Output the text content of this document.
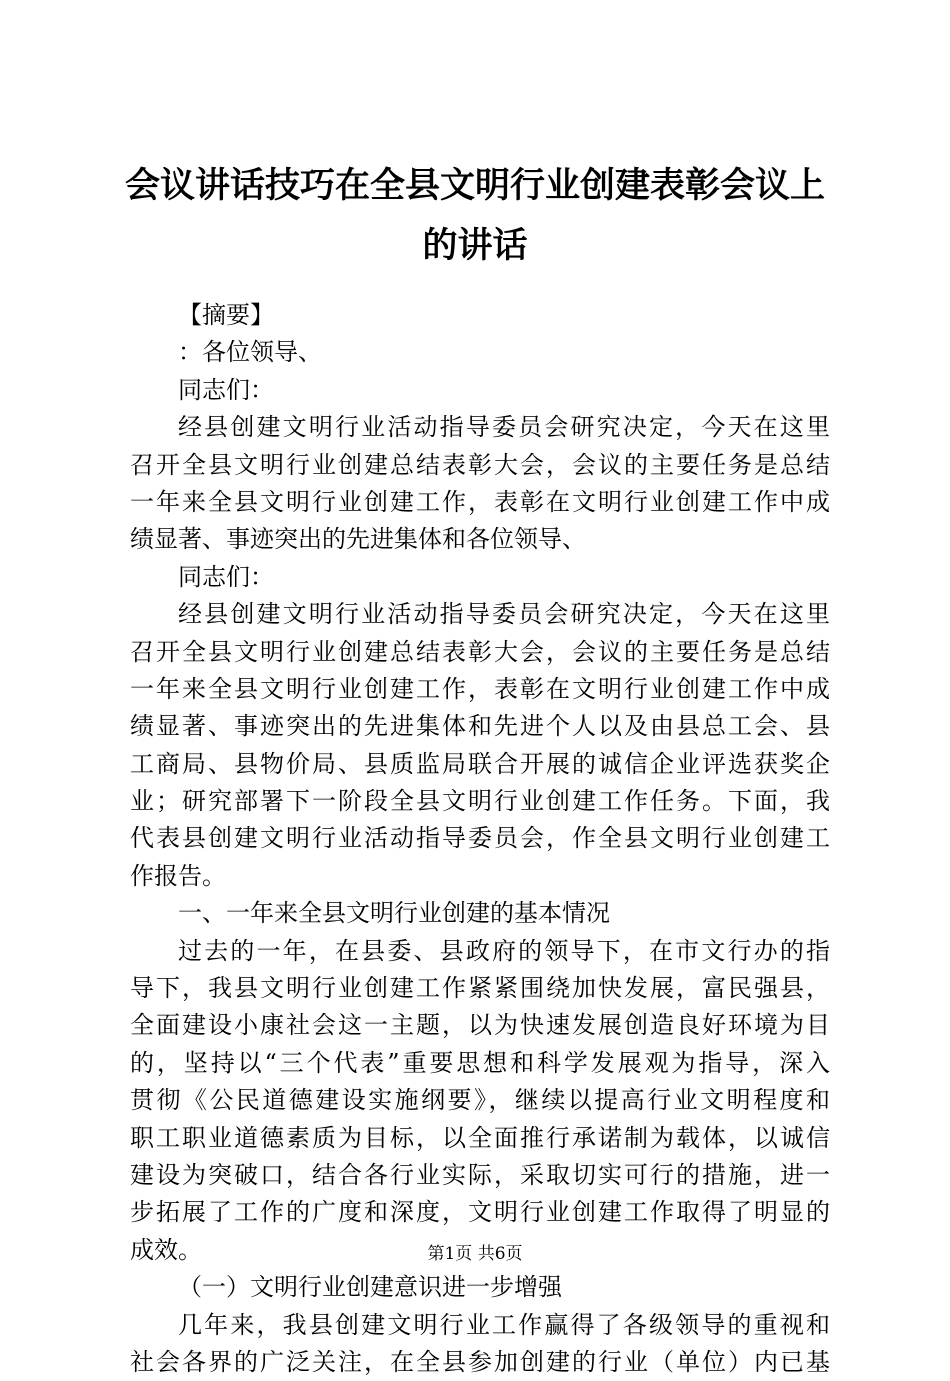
会议讲话技巧在全县文明行业创建表彰会议上
的讲话
【摘要】
：各位领导、
同志们：
经县创建文明行业活动指导委员会研究决定，今天在这里
召开全县文明行业创建总结表彰大会，会议的主要任务是总结
一年来全县文明行业创建工作，表彰在文明行业创建工作中成
绩显著、事迹突出的先进集体和各位领导、
同志们：
经县创建文明行业活动指导委员会研究决定，今天在这里
召开全县文明行业创建总结表彰大会，会议的主要任务是总结
一年来全县文明行业创建工作，表彰在文明行业创建工作中成
绩显著、事迹突出的先进集体和先进个人以及由县总工会、县
工商局、县物价局、县质监局联合开展的诚信企业评选获奖企
业；研究部署下一阶段全县文明行业创建工作任务。下面，我
代表县创建文明行业活动指导委员会，作全县文明行业创建工
作报告。
一、一年来全县文明行业创建的基本情况
过去的一年，在县委、县政府的领导下，在市文行办的指
导下，我县文明行业创建工作紧紧围绕加快发展，富民强县，
全面建设小康社会这一主题，以为快速发展创造良好环境为目
的，坚持以“三个代表”重要思想和科学发展观为指导，深入
贯彻《公民道德建设实施纲要》，继续以提高行业文明程度和
职工职业道德素质为目标，以全面推行承诺制为载体，以诚信
建设为突破口，结合各行业实际，采取切实可行的措施，进一
步拓展了工作的广度和深度，文明行业创建工作取得了明显的
成效。
（一）文明行业创建意识进一步增强
几年来，我县创建文明行业工作赢得了各级领导的重视和
社会各界的广泛关注，在全县参加创建的行业（单位）内已基
第1页 共6页
